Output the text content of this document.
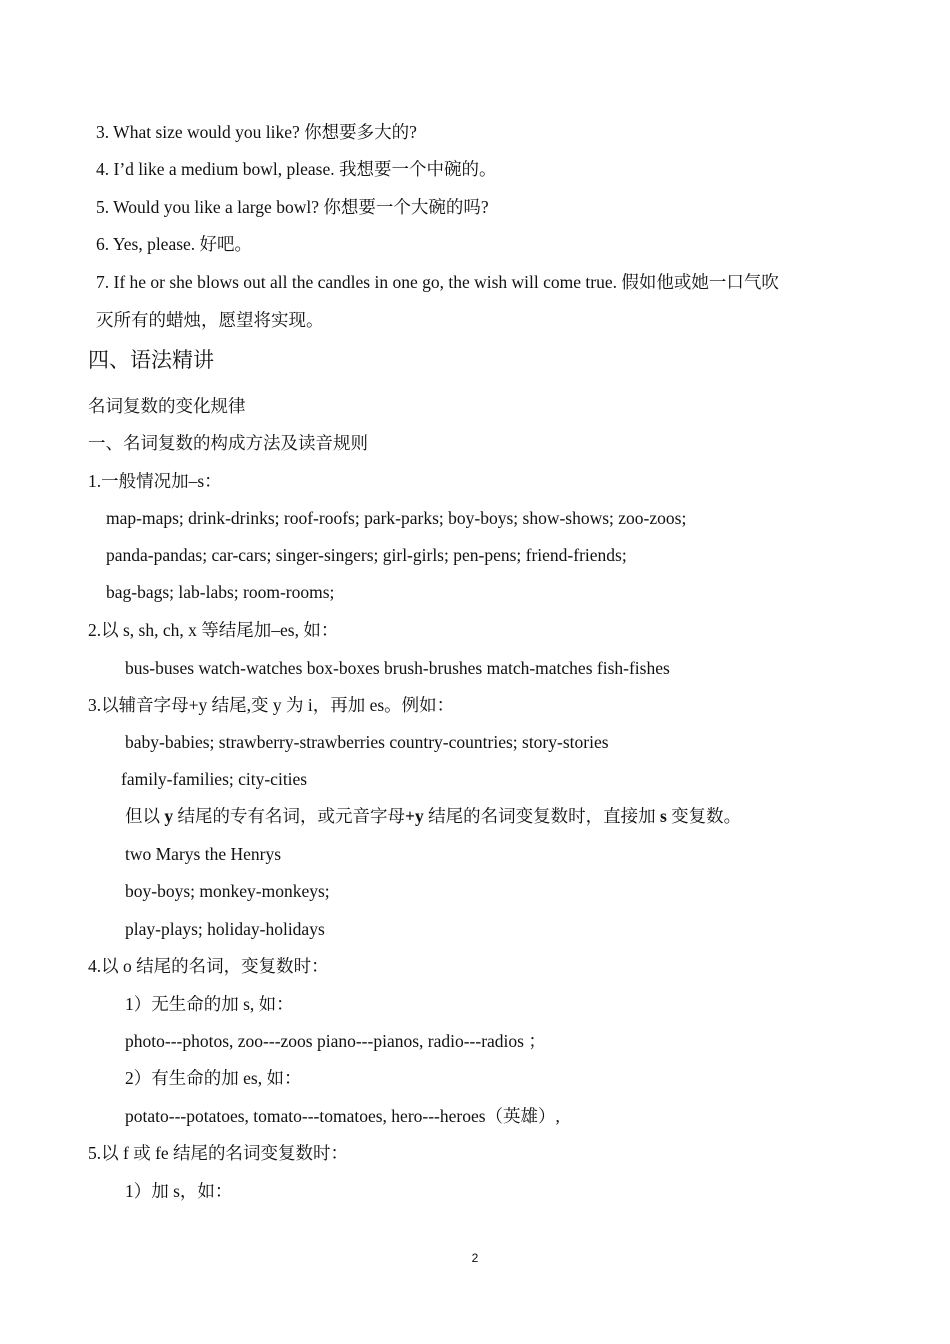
3. What size would you like? 你想要多大的?
4. I’d like a medium bowl, please. 我想要一个中碗的。
5. Would you like a large bowl? 你想要一个大碗的吗?
6. Yes, please. 好吧。
7. If he or she blows out all the candles in one go, the wish will come true. 假如他或她一口气吹
灭所有的蜡烛，愿望将实现。
四、语法精讲
名词复数的变化规律
一、名词复数的构成方法及读音规则
1.一般情况加–s：
map-maps; drink-drinks; roof-roofs; park-parks; boy-boys; show-shows; zoo-zoos;
panda-pandas; car-cars; singer-singers; girl-girls; pen-pens; friend-friends;
bag-bags; lab-labs; room-rooms;
2.以 s, sh, ch, x 等结尾加–es, 如：
bus-buses watch-watches box-boxes brush-brushes match-matches fish-fishes
3.以辅音字母+y 结尾,变 y 为 i，再加 es。例如：
baby-babies; strawberry-strawberries country-countries; story-stories
family-families; city-cities
但以 y 结尾的专有名词，或元音字母+y 结尾的名词变复数时，直接加 s 变复数。
two Marys the Henrys
boy-boys; monkey-monkeys;
play-plays; holiday-holidays
4.以 o 结尾的名词，变复数时：
1）无生命的加 s, 如：
photo---photos, zoo---zoos piano---pianos, radio---radios ；
2）有生命的加 es, 如：
potato---potatoes, tomato---tomatoes, hero---heroes（英雄）,
5.以 f 或 fe 结尾的名词变复数时：
1）加 s，如：
2
